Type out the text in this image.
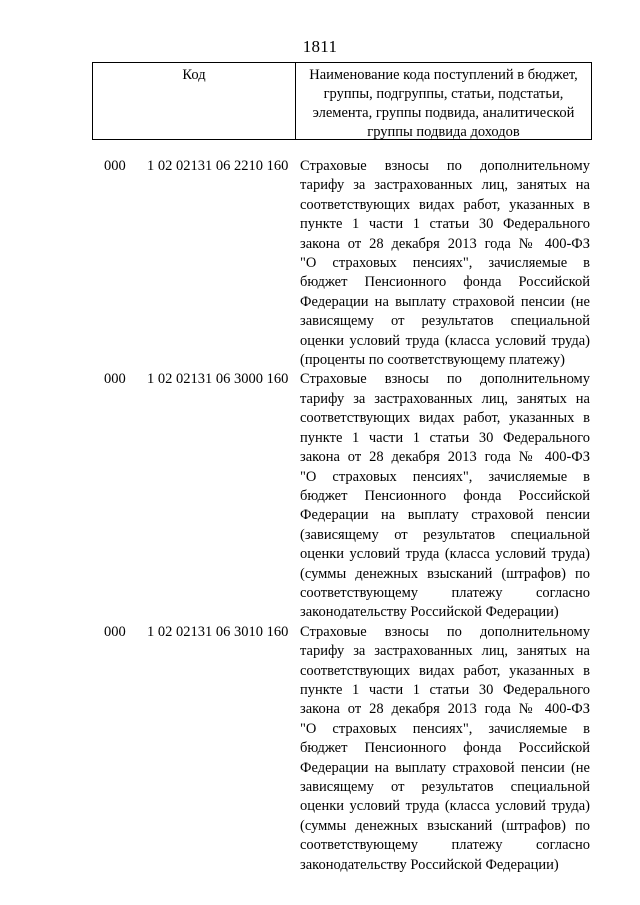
1811
Код	Наименование кода поступлений в бюджет,
группы, подгруппы, статьи, подстатьи,
элемента, группы подвида, аналитической
группы подвида доходов
000 1 02 02131 06 2210 160 Страховые взносы по дополнительному
тарифу за застрахованных лиц, занятых на
соответствующих видах работ, указанных в
пункте 1 части 1 статьи 30 Федерального
закона от 28 декабря 2013 года № 400-ФЗ
"О страховых пенсиях", зачисляемые в
бюджет Пенсионного фонда Российской
Федерации на выплату страховой пенсии (не
зависящему от результатов специальной
оценки условий труда (класса условий труда)
(проценты по соответствующему платежу)
000 1 02 02131 06 3000 160 Страховые взносы по дополнительному
тарифу за застрахованных лиц, занятых на
соответствующих видах работ, указанных в
пункте 1 части 1 статьи 30 Федерального
закона от 28 декабря 2013 года № 400-ФЗ
"О страховых пенсиях", зачисляемые в
бюджет Пенсионного фонда Российской
Федерации на выплату страховой пенсии
(зависящему от результатов специальной
оценки условий труда (класса условий труда)
(суммы денежных взысканий (штрафов) по
соответствующему платежу согласно
законодательству Российской Федерации)
000 1 02 02131 06 3010 160 Страховые взносы по дополнительному
тарифу за застрахованных лиц, занятых на
соответствующих видах работ, указанных в
пункте 1 части 1 статьи 30 Федерального
закона от 28 декабря 2013 года № 400-ФЗ
"О страховых пенсиях", зачисляемые в
бюджет Пенсионного фонда Российской
Федерации на выплату страховой пенсии (не
зависящему от результатов специальной
оценки условий труда (класса условий труда)
(суммы денежных взысканий (штрафов) по
соответствующему платежу согласно
законодательству Российской Федерации)
